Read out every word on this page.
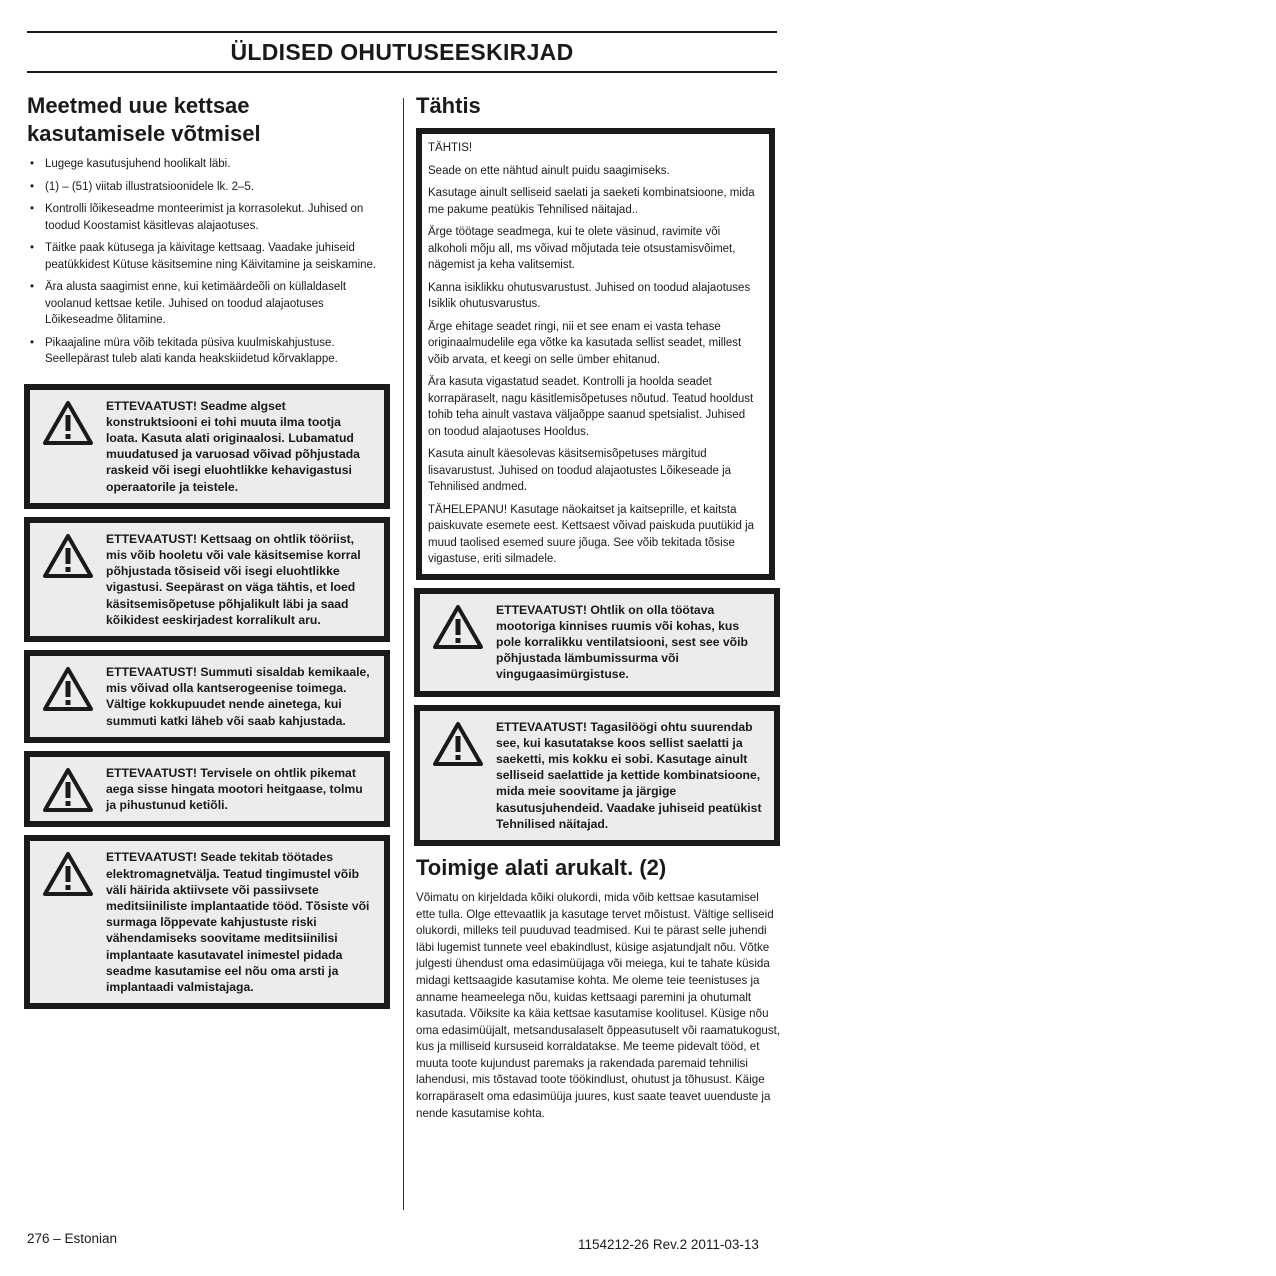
ÜLDISED OHUTUSEESKIRJAD
Meetmed uue kettsae kasutamisele võtmisel
• Lugege kasutusjuhend hoolikalt läbi.
• (1) – (51) viitab illustratsioonidele lk. 2–5.
• Kontrolli lõikeseadme monteerimist ja korrasolekut. Juhised on toodud Koostamist käsitlevas alajaotuses.
• Täitke paak kütusega ja käivitage kettsaag. Vaadake juhiseid peatükkidest Kütuse käsitsemine ning Käivitamine ja seiskamine.
• Ära alusta saagimist enne, kui ketimäärdeõli on küllaldaselt voolanud kettsae ketile. Juhised on toodud alajaotuses Lõikeseadme õlitamine.
• Pikaajaline müra võib tekitada püsiva kuulmiskahjustuse. Seellepärast tuleb alati kanda heakskiidetud kõrvaklappe.
ETTEVAATUST! Seadme algset konstruktsiooni ei tohi muuta ilma tootja loata. Kasuta alati originaalosi. Lubamatud muudatused ja varuosad võivad põhjustada raskeid või isegi eluohtlikke kehavigastusi operaatorile ja teistele.
ETTEVAATUST! Kettsaag on ohtlik tööriist, mis võib hooletu või vale käsitsemise korral põhjustada tõsiseid või isegi eluohtlikke vigastusi. Seepärast on väga tähtis, et loed käsitsemisõpetuse põhjalikult läbi ja saad kõikidest eeskirjadest korralikult aru.
ETTEVAATUST! Summuti sisaldab kemikaale, mis võivad olla kantserogeenise toimega. Vältige kokkupuudet nende ainetega, kui summuti katki läheb või saab kahjustada.
ETTEVAATUST! Tervisele on ohtlik pikemat aega sisse hingata mootori heitgaase, tolmu ja pihustunud ketiõli.
ETTEVAATUST! Seade tekitab töötades elektromagnetvälja. Teatud tingimustel võib väli häirida aktiivsete või passiivsete meditsiiniliste implantaatide tööd. Tõsiste või surmaga lõppevate kahjustuste riski vähendamiseks soovitame meditsiinilisi implantaate kasutavatel inimestel pidada seadme kasutamise eel nõu oma arsti ja implantaadi valmistajaga.
Tähtis

TÄHTIS!

Seade on ette nähtud ainult puidu saagimiseks.

Kasutage ainult selliseid saelati ja saeketi kombinatsioone, mida me pakume peatükis Tehnilised näitajad..

Ärge töötage seadmega, kui te olete väsinud, ravimite või alkoholi mõju all, ms võivad mõjutada teie otsustamisvõimet, nägemist ja keha valitsemist.

Kanna isiklikku ohutusvarustust. Juhised on toodud alajaotuses Isiklik ohutusvarustus.

Ärge ehitage seadet ringi, nii et see enam ei vasta tehase originaalmudelile ega võtke ka kasutada sellist seadet, millest võib arvata, et keegi on selle ümber ehitanud.

Ära kasuta vigastatud seadet. Kontrolli ja hoolda seadet korrapäraselt, nagu käsitlemisõpetuses nõutud. Teatud hooldust tohib teha ainult vastava väljaõppe saanud spetsialist. Juhised on toodud alajaotuses Hooldus.

Kasuta ainult käesolevas käsitsemisõpetuses märgitud lisavarustust. Juhised on toodud alajaotustes Lõikeseade ja Tehnilised andmed.

TÄHELEPANU! Kasutage näokaitset ja kaitseprille, et kaitsta paiskuvate esemete eest. Kettsaest võivad paiskuda puutükid ja muud taolised esemed suure jõuga. See võib tekitada tõsise vigastuse, eriti silmadele.

ETTEVAATUST! Ohtlik on olla töötava mootoriga kinnises ruumis või kohas, kus pole korralikku ventilatsiooni, sest see võib põhjustada lämbumissurma või vingugaasimürgistuse.
ETTEVAATUST! Tagasilöögi ohtu suurendab see, kui kasutatakse koos sellist saelatti ja saeketti, mis kokku ei sobi. Kasutage ainult selliseid saelattide ja kettide kombinatsioone, mida meie soovitame ja järgige kasutusjuhendeid. Vaadake juhiseid peatükist Tehnilised näitajad.
Toimige alati arukalt. (2)

Võimatu on kirjeldada kõiki olukordi, mida võib kettsae kasutamisel ette tulla. Olge ettevaatlik ja kasutage tervet mõistust. Vältige selliseid olukordi, milleks teil puuduvad teadmised. Kui te pärast selle juhendi läbi lugemist tunnete veel ebakindlust, küsige asjatundjalt nõu. Võtke julgesti ühendust oma edasimüüjaga või meiega, kui te tahate küsida midagi kettsaagide kasutamise kohta. Me oleme teie teenistuses ja anname heameelega nõu, kuidas kettsaagi paremini ja ohutumalt kasutada. Võiksite ka käia kettsae kasutamise koolitusel. Küsige nõu oma edasimüüjalt, metsandusalaselt õppeasutuselt või raamatukogust, kus ja milliseid kursuseid korraldatakse. Me teeme pidevalt tööd, et muuta toote kujundust paremaks ja rakendada paremaid tehnilisi lahendusi, mis tõstavad toote töökindlust, ohutust ja tõhusust. Käige korrapäraselt oma edasimüüja juures, kust saate teavet uuenduste ja nende kasutamise kohta.

276 – Estonian	1154212-26 Rev.2 2011-03-13
